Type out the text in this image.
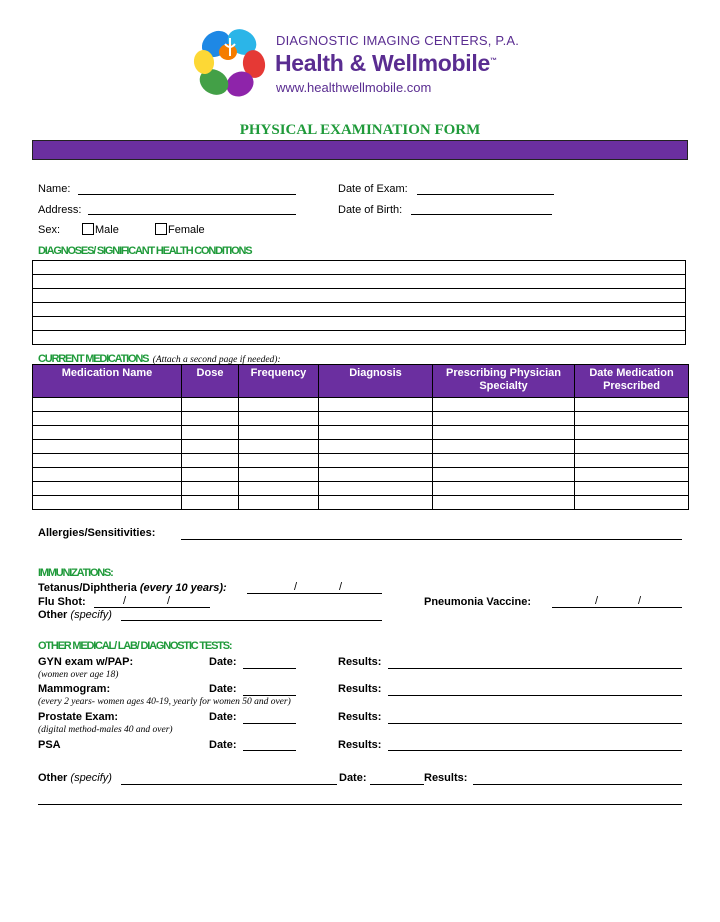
DIAGNOSTIC IMAGING CENTERS, P.A.
Health & Wellmobile™
www.healthwellmobile.com
PHYSICAL EXAMINATION FORM
Name:
Address:
Date of Exam:
Date of Birth:
Sex:	Male	Female
DIAGNOSES/ SIGNIFICANT HEALTH CONDITIONS
CURRENT MEDICATIONS (Attach a second page if needed):
Medication Name	Dose	Frequency	Diagnosis	Prescribing Physician Specialty	Date Medication Prescribed

Allergies/Sensitivities:
IMMUNIZATIONS:
Tetanus/Diphtheria (every 10 years):	/	/
Flu Shot:	/	/	Pneumonia Vaccine:	/	/
Other (specify)
OTHER MEDICAL/ LAB/ DIAGNOSTIC TESTS:
GYN exam w/PAP:
(women over age 18)
Date:	Results:
Mammogram:
(every 2 years- women ages 40-19, yearly for women 50 and over)
Date:	Results:
Prostate Exam:
(digital method-males 40 and over)
Date:	Results:
PSA	Date:	Results:
Other (specify)	Date:	Results:
